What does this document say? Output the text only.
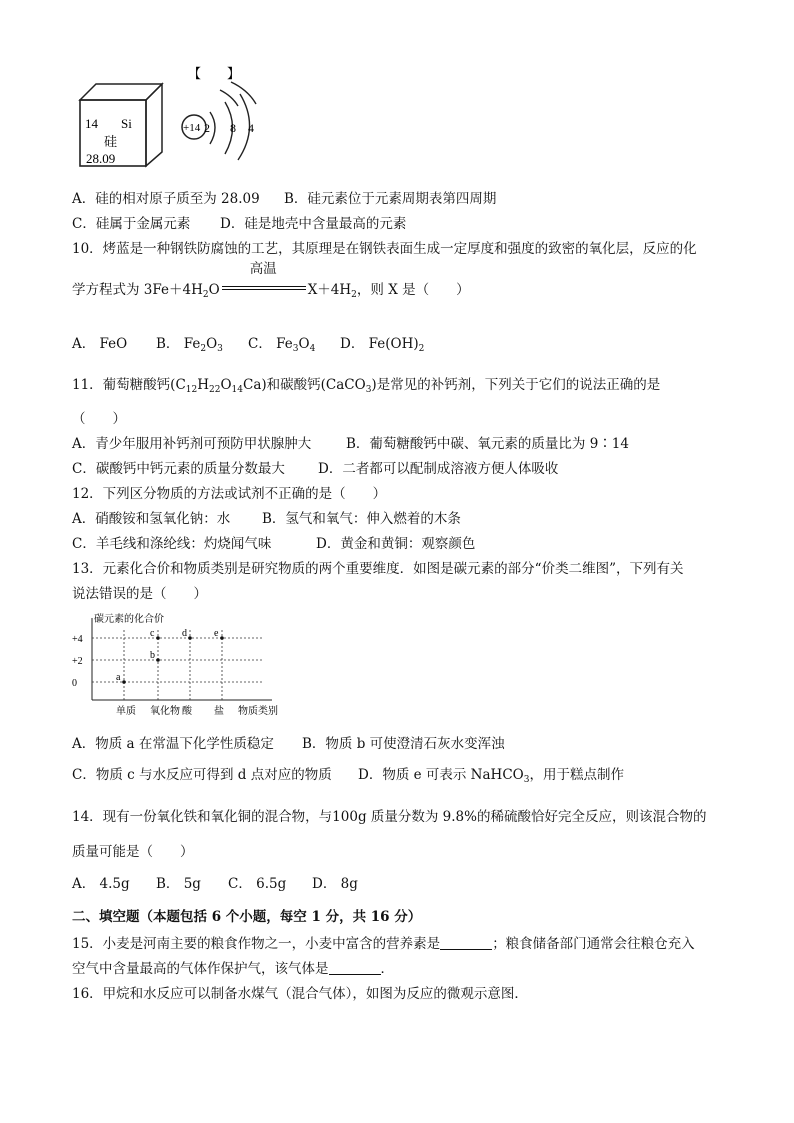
【　　】
14 Si
硅
28.09
+14 2 8 4
A．硅的相对原子质至为 28.09 B．硅元素位于元素周期表第四周期
C．硅属于金属元素 D．硅是地壳中含量最高的元素
10．烤蓝是一种钢铁防腐蚀的工艺，其原理是在钢铁表面生成一定厚度和强度的致密的氧化层，反应的化
学方程式为 $3Fe+4H_2O$
高温
$X+4H_2$，则 X 是（　　）
A． FeO B． $Fe_2O_3$ C． $Fe_3O_4$ D． $Fe(OH)_2$
11．葡萄糖酸钙$(C_{12}H_{22}O_{14}Ca)$和碳酸钙(CaCO$_3$)是常见的补钙剂，下列关于它们的说法正确的是
（　　）
A．青少年服用补钙剂可预防甲状腺肿大	B．葡萄糖酸钙中碳、氧元素的质量比为 9∶14
C．碳酸钙中钙元素的质量分数最大 D．二者都可以配制成溶液方便人体吸收
12．下列区分物质的方法或试剂不正确的是（　　）
A．硝酸铵和氢氧化钠：水 B．氢气和氧气：伸入燃着的木条
C．羊毛线和涤纶线：灼烧闻气味	D．黄金和黄铜：观察颜色
13．元素化合价和物质类别是研究物质的两个重要维度．如图是碳元素的部分“价类二维图”，下列有关
说法错误的是（　　）
碳元素的化合价
+4
+2
0
单质 氧化物 酸 盐 物质类别
a
b
c	d	e
A．物质 a 在常温下化学性质稳定 B．物质 b 可使澄清石灰水变浑浊
C．物质 c 与水反应可得到 d 点对应的物质 D．物质 e 可表示 NaHCO$_3$，用于糕点制作
14．现有一份氧化铁和氧化铜的混合物，与100g 质量分数为 9.8%的稀硫酸恰好完全反应，则该混合物的
质量可能是（　　）
A． 4.5g B． 5g C． 6.5g D． 8g
二、填空题（本题包括 6 个小题，每空 1 分，共 16 分）
15．小麦是河南主要的粮食作物之一，小麦中富含的营养素是	；粮食储备部门通常会往粮仓充入
空气中含量最高的气体作保护气，该气体是	．
16．甲烷和水反应可以制备水煤气（混合气体），如图为反应的微观示意图．
